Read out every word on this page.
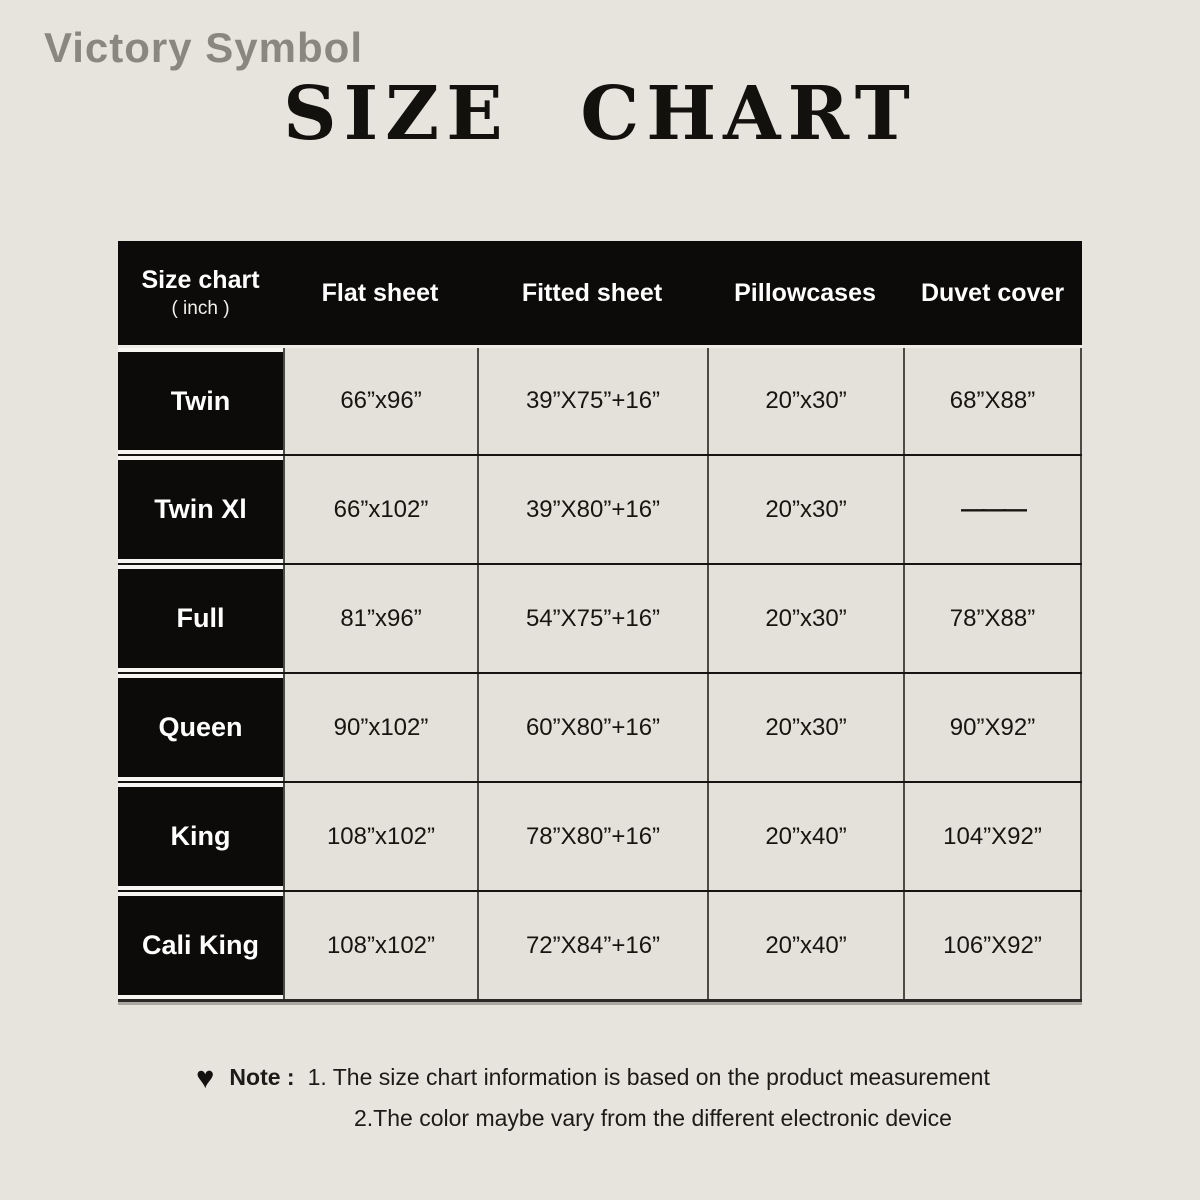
Victory Symbol
SIZE CHART
Size chart
( inch )
Flat sheet	Fitted sheet	Pillowcases	Duvet cover
Twin	66”x96”	39”X75”+16”	20”x30”	68”X88”
Twin Xl	66”x102”	39”X80”+16”	20”x30”	———
Full	81”x96”	54”X75”+16”	20”x30”	78”X88”
Queen	90”x102”	60”X80”+16”	20”x30”	90”X92”
King	108”x102”	78”X80”+16”	20”x40”	104”X92”
Cali King	108”x102”	72”X84”+16”	20”x40”	106”X92”
♥ Note : 1. The size chart information is based on the product measurement
2.The color maybe vary from the different electronic device
